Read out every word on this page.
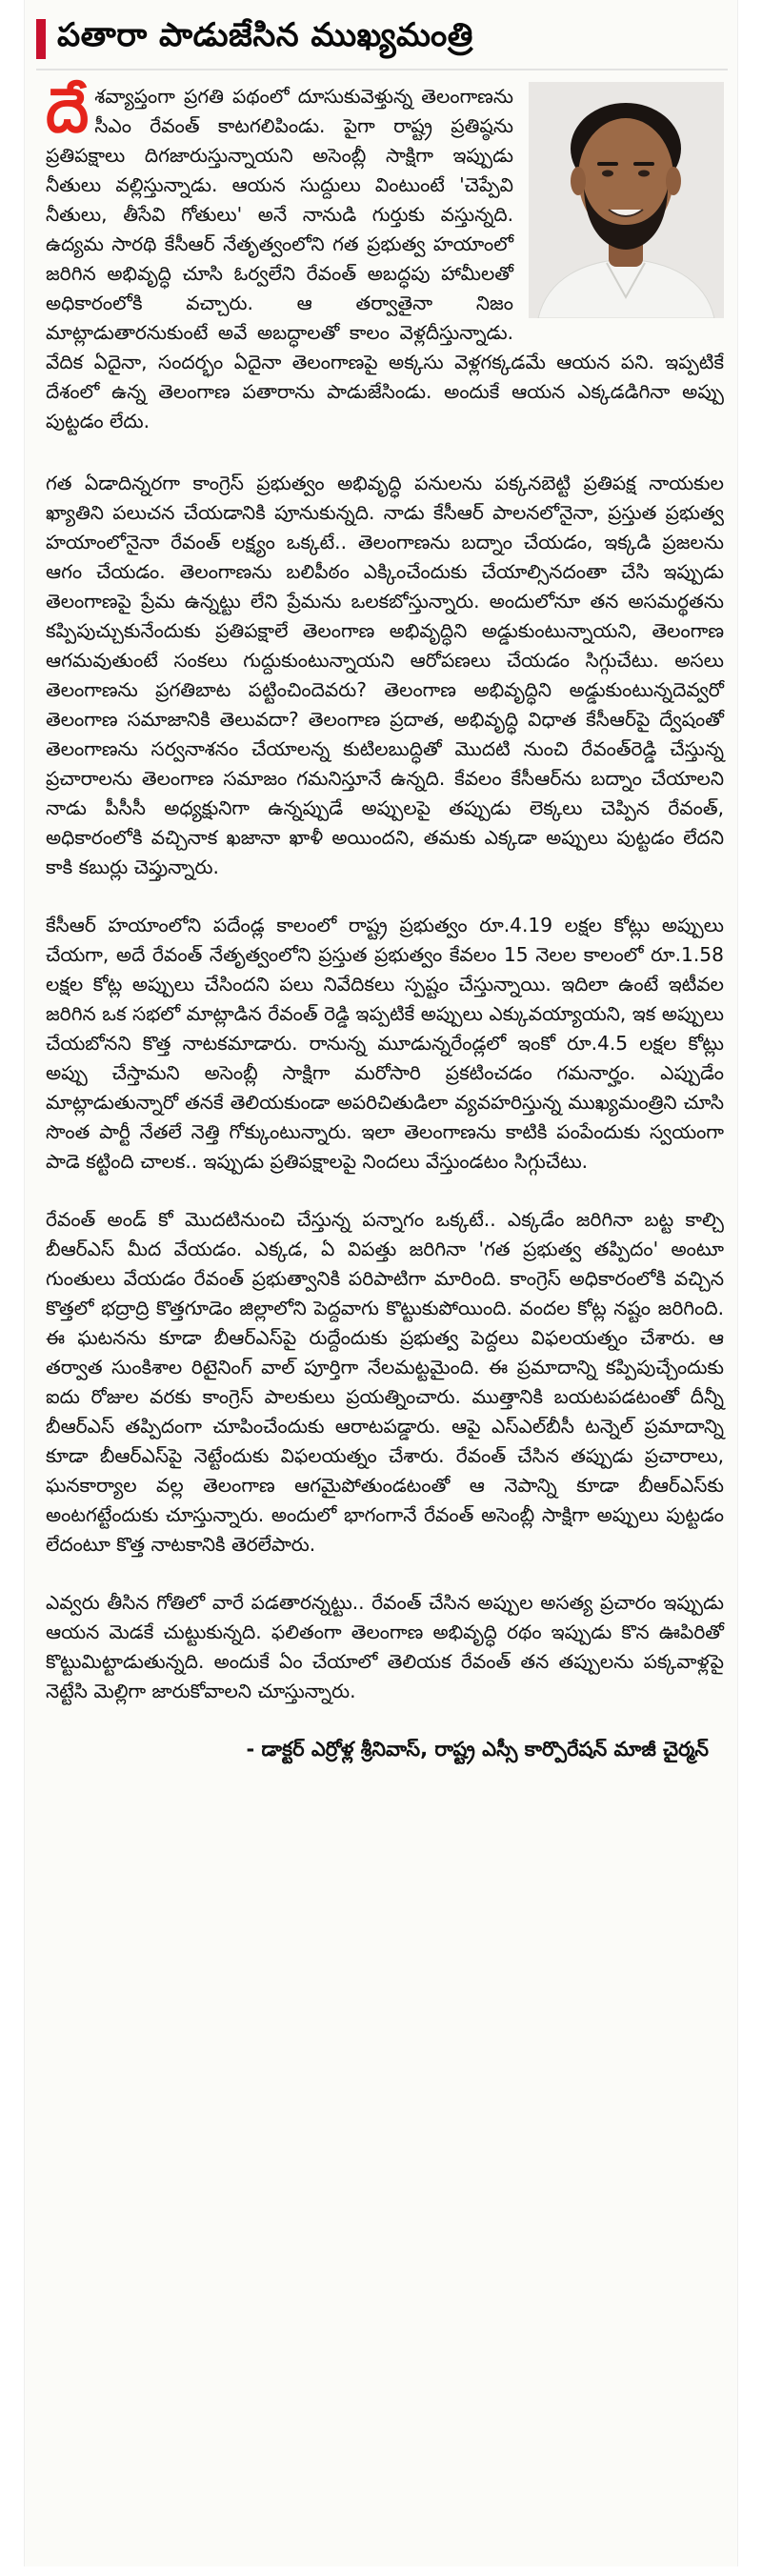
పతారా పాడుజేసిన ముఖ్యమంత్రి

దేశవ్యాప్తంగా ప్రగతి పథంలో దూసుకువెళ్తున్న తెలంగాణను సీఎం రేవంత్ కాటగలిపిండు. పైగా రాష్ట్ర ప్రతిష్ఠను ప్రతిపక్షాలు దిగజారుస్తున్నాయని అసెంబ్లీ సాక్షిగా ఇప్పుడు నీతులు వల్లిస్తున్నాడు. ఆయన సుద్దులు వింటుంటే 'చెప్పేవి నీతులు, తీసేవి గోతులు' అనే నానుడి గుర్తుకు వస్తున్నది. ఉద్యమ సారథి కేసీఆర్ నేతృత్వంలోని గత ప్రభుత్వ హయాంలో జరిగిన అభివృద్ధి చూసి ఓర్వలేని రేవంత్ అబద్ధపు హామీలతో అధికారంలోకి వచ్చారు. ఆ తర్వాతైనా నిజం మాట్లాడుతారనుకుంటే అవే అబద్ధాలతో కాలం వెళ్లదీస్తున్నాడు. వేదిక ఏదైనా, సందర్భం ఏదైనా తెలంగాణపై అక్కసు వెళ్లగక్కడమే ఆయన పని. ఇప్పటికే దేశంలో ఉన్న తెలంగాణ పతారాను పాడుజేసిండు. అందుకే ఆయన ఎక్కడడిగినా అప్పు పుట్టడం లేదు.

గత ఏడాదిన్నరగా కాంగ్రెస్ ప్రభుత్వం అభివృద్ధి పనులను పక్కనబెట్టి ప్రతిపక్ష నాయకుల ఖ్యాతిని పలుచన చేయడానికి పూనుకున్నది. నాడు కేసీఆర్ పాలనలోనైనా, ప్రస్తుత ప్రభుత్వ హయాంలోనైనా రేవంత్ లక్ష్యం ఒక్కటే.. తెలంగాణను బద్నాం చేయడం, ఇక్కడి ప్రజలను ఆగం చేయడం. తెలంగాణను బలిపీఠం ఎక్కించేందుకు చేయాల్సినదంతా చేసి ఇప్పుడు తెలంగాణపై ప్రేమ ఉన్నట్టు లేని ప్రేమను ఒలకబోస్తున్నారు. అందులోనూ తన అసమర్థతను కప్పిపుచ్చుకునేందుకు ప్రతిపక్షాలే తెలంగాణ అభివృద్ధిని అడ్డుకుంటున్నాయని, తెలంగాణ ఆగమవుతుంటే సంకలు గుద్దుకుంటున్నాయని ఆరోపణలు చేయడం సిగ్గుచేటు. అసలు తెలంగాణను ప్రగతిబాట పట్టించిందెవరు? తెలంగాణ అభివృద్ధిని అడ్డుకుంటున్నదెవ్వరో తెలంగాణ సమాజానికి తెలువదా? తెలంగాణ ప్రదాత, అభివృద్ధి విధాత కేసీఆర్‌పై ద్వేషంతో తెలంగాణను సర్వనాశనం చేయాలన్న కుటిలబుద్ధితో మొదటి నుంచి రేవంత్‌రెడ్డి చేస్తున్న ప్రచారాలను తెలంగాణ సమాజం గమనిస్తూనే ఉన్నది. కేవలం కేసీఆర్‌ను బద్నాం చేయాలని నాడు పీసీసీ అధ్యక్షునిగా ఉన్నప్పుడే అప్పులపై తప్పుడు లెక్కలు చెప్పిన రేవంత్, అధికారంలోకి వచ్చినాక ఖజానా ఖాళీ అయిందని, తమకు ఎక్కడా అప్పులు పుట్టడం లేదని కాకి కబుర్లు చెప్తున్నారు.

కేసీఆర్ హయాంలోని పదేండ్ల కాలంలో రాష్ట్ర ప్రభుత్వం రూ.4.19 లక్షల కోట్లు అప్పులు చేయగా, అదే రేవంత్ నేతృత్వంలోని ప్రస్తుత ప్రభుత్వం కేవలం 15 నెలల కాలంలో రూ.1.58 లక్షల కోట్ల అప్పులు చేసిందని పలు నివేదికలు స్పష్టం చేస్తున్నాయి. ఇదిలా ఉంటే ఇటీవల జరిగిన ఒక సభలో మాట్లాడిన రేవంత్ రెడ్డి ఇప్పటికే అప్పులు ఎక్కువయ్యాయని, ఇక అప్పులు చేయబోనని కొత్త నాటకమాడారు. రానున్న మూడున్నరేండ్లలో ఇంకో రూ.4.5 లక్షల కోట్లు అప్పు చేస్తామని అసెంబ్లీ సాక్షిగా మరోసారి ప్రకటించడం గమనార్హం. ఎప్పుడేం మాట్లాడుతున్నారో తనకే తెలియకుండా అపరిచితుడిలా వ్యవహరిస్తున్న ముఖ్యమంత్రిని చూసి సొంత పార్టీ నేతలే నెత్తి గోక్కుంటున్నారు. ఇలా తెలంగాణను కాటికి పంపేందుకు స్వయంగా పాడె కట్టింది చాలక.. ఇప్పుడు ప్రతిపక్షాలపై నిందలు వేస్తుండటం సిగ్గుచేటు.

రేవంత్ అండ్ కో మొదటినుంచి చేస్తున్న పన్నాగం ఒక్కటే.. ఎక్కడేం జరిగినా బట్ట కాల్చి బీఆర్‌ఎస్ మీద వేయడం. ఎక్కడ, ఏ విపత్తు జరిగినా 'గత ప్రభుత్వ తప్పిదం' అంటూ గుంతులు వేయడం రేవంత్ ప్రభుత్వానికి పరిపాటిగా మారింది. కాంగ్రెస్ అధికారంలోకి వచ్చిన కొత్తలో భద్రాద్రి కొత్తగూడెం జిల్లాలోని పెద్దవాగు కొట్టుకుపోయింది. వందల కోట్ల నష్టం జరిగింది. ఈ ఘటనను కూడా బీఆర్‌ఎస్‌పై రుద్దేందుకు ప్రభుత్వ పెద్దలు విఫలయత్నం చేశారు. ఆ తర్వాత సుంకిశాల రిటైనింగ్ వాల్ పూర్తిగా నేలమట్టమైంది. ఈ ప్రమాదాన్ని కప్పిపుచ్చేందుకు ఐదు రోజుల వరకు కాంగ్రెస్ పాలకులు ప్రయత్నించారు. ముత్తానికి బయటపడటంతో దీన్నీ బీఆర్‌ఎస్ తప్పిదంగా చూపించేందుకు ఆరాటపడ్డారు. ఆపై ఎస్‌ఎల్‌బీసీ టన్నెల్ ప్రమాదాన్ని కూడా బీఆర్‌ఎస్‌పై నెట్టేందుకు విఫలయత్నం చేశారు. రేవంత్ చేసిన తప్పుడు ప్రచారాలు, ఘనకార్యాల వల్ల తెలంగాణ ఆగమైపోతుండటంతో ఆ నెపాన్ని కూడా బీఆర్‌ఎస్‌కు అంటగట్టేందుకు చూస్తున్నారు. అందులో భాగంగానే రేవంత్ అసెంబ్లీ సాక్షిగా అప్పులు పుట్టడం లేదంటూ కొత్త నాటకానికి తెరలేపారు.

ఎవ్వరు తీసిన గోతిలో వారే పడతారన్నట్టు.. రేవంత్ చేసిన అప్పుల అసత్య ప్రచారం ఇప్పుడు ఆయన మెడకే చుట్టుకున్నది. ఫలితంగా తెలంగాణ అభివృద్ధి రథం ఇప్పుడు కొన ఊపిరితో కొట్టుమిట్టాడుతున్నది. అందుకే ఏం చేయాలో తెలియక రేవంత్ తన తప్పులను పక్కవాళ్లపై నెట్టేసి మెల్లిగా జారుకోవాలని చూస్తున్నారు.

- డాక్టర్ ఎర్రోళ్ల శ్రీనివాస్, రాష్ట్ర ఎస్సీ కార్పొరేషన్ మాజీ చైర్మన్
